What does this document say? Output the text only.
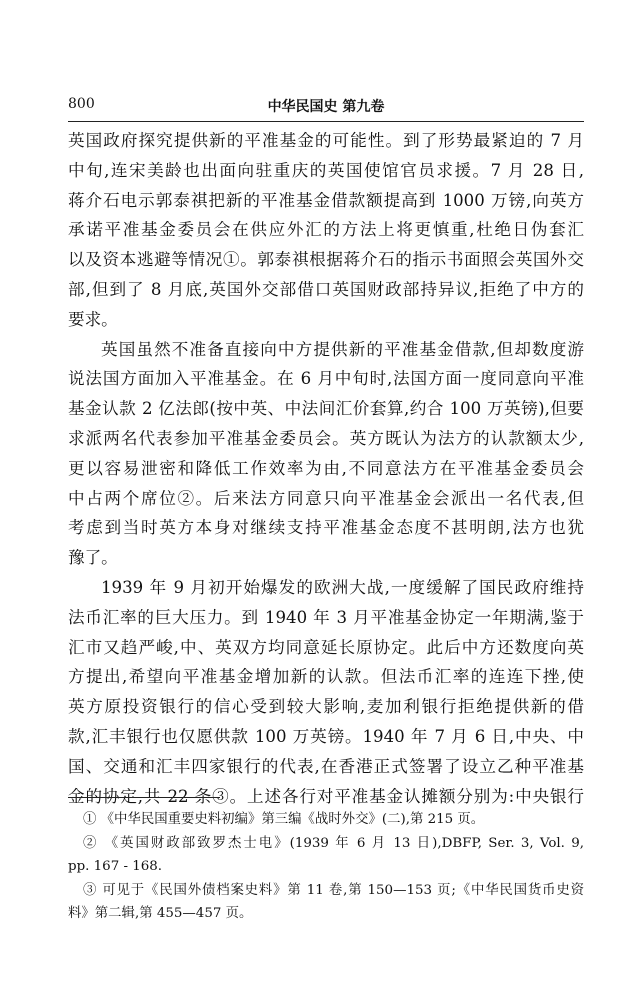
800	中华民国史 第九卷
英国政府探究提供新的平准基金的可能性。到了形势最紧迫的 7 月
中旬,连宋美龄也出面向驻重庆的英国使馆官员求援。7 月 28 日,
蒋介石电示郭泰祺把新的平准基金借款额提高到 1000 万镑,向英方
承诺平准基金委员会在供应外汇的方法上将更慎重,杜绝日伪套汇
以及资本逃避等情况①。郭泰祺根据蒋介石的指示书面照会英国外交
部,但到了 8 月底,英国外交部借口英国财政部持异议,拒绝了中方的
要求。
英国虽然不准备直接向中方提供新的平准基金借款,但却数度游
说法国方面加入平准基金。在 6 月中旬时,法国方面一度同意向平准
基金认款 2 亿法郎(按中英、中法间汇价套算,约合 100 万英镑),但要
求派两名代表参加平准基金委员会。英方既认为法方的认款额太少,
更以容易泄密和降低工作效率为由,不同意法方在平准基金委员会
中占两个席位②。后来法方同意只向平准基金会派出一名代表,但
考虑到当时英方本身对继续支持平准基金态度不甚明朗,法方也犹
豫了。
1939 年 9 月初开始爆发的欧洲大战,一度缓解了国民政府维持
法币汇率的巨大压力。到 1940 年 3 月平准基金协定一年期满,鉴于
汇市又趋严峻,中、英双方均同意延长原协定。此后中方还数度向英
方提出,希望向平准基金增加新的认款。但法币汇率的连连下挫,使
英方原投资银行的信心受到较大影响,麦加利银行拒绝提供新的借
款,汇丰银行也仅愿供款 100 万英镑。1940 年 7 月 6 日,中央、中
国、交通和汇丰四家银行的代表,在香港正式签署了设立乙种平准基
金的协定,共 22 条③。上述各行对平准基金认摊额分别为:中央银行
① 《中华民国重要史料初编》第三编《战时外交》(二),第 215 页。
② 《英国财政部致罗杰士电》(1939 年 6 月 13 日),DBFP, Ser. 3, Vol. 9,
pp. 167 - 168.
③ 可见于《民国外债档案史料》第 11 卷,第 150—153 页;《中华民国货币史资
料》第二辑,第 455—457 页。
